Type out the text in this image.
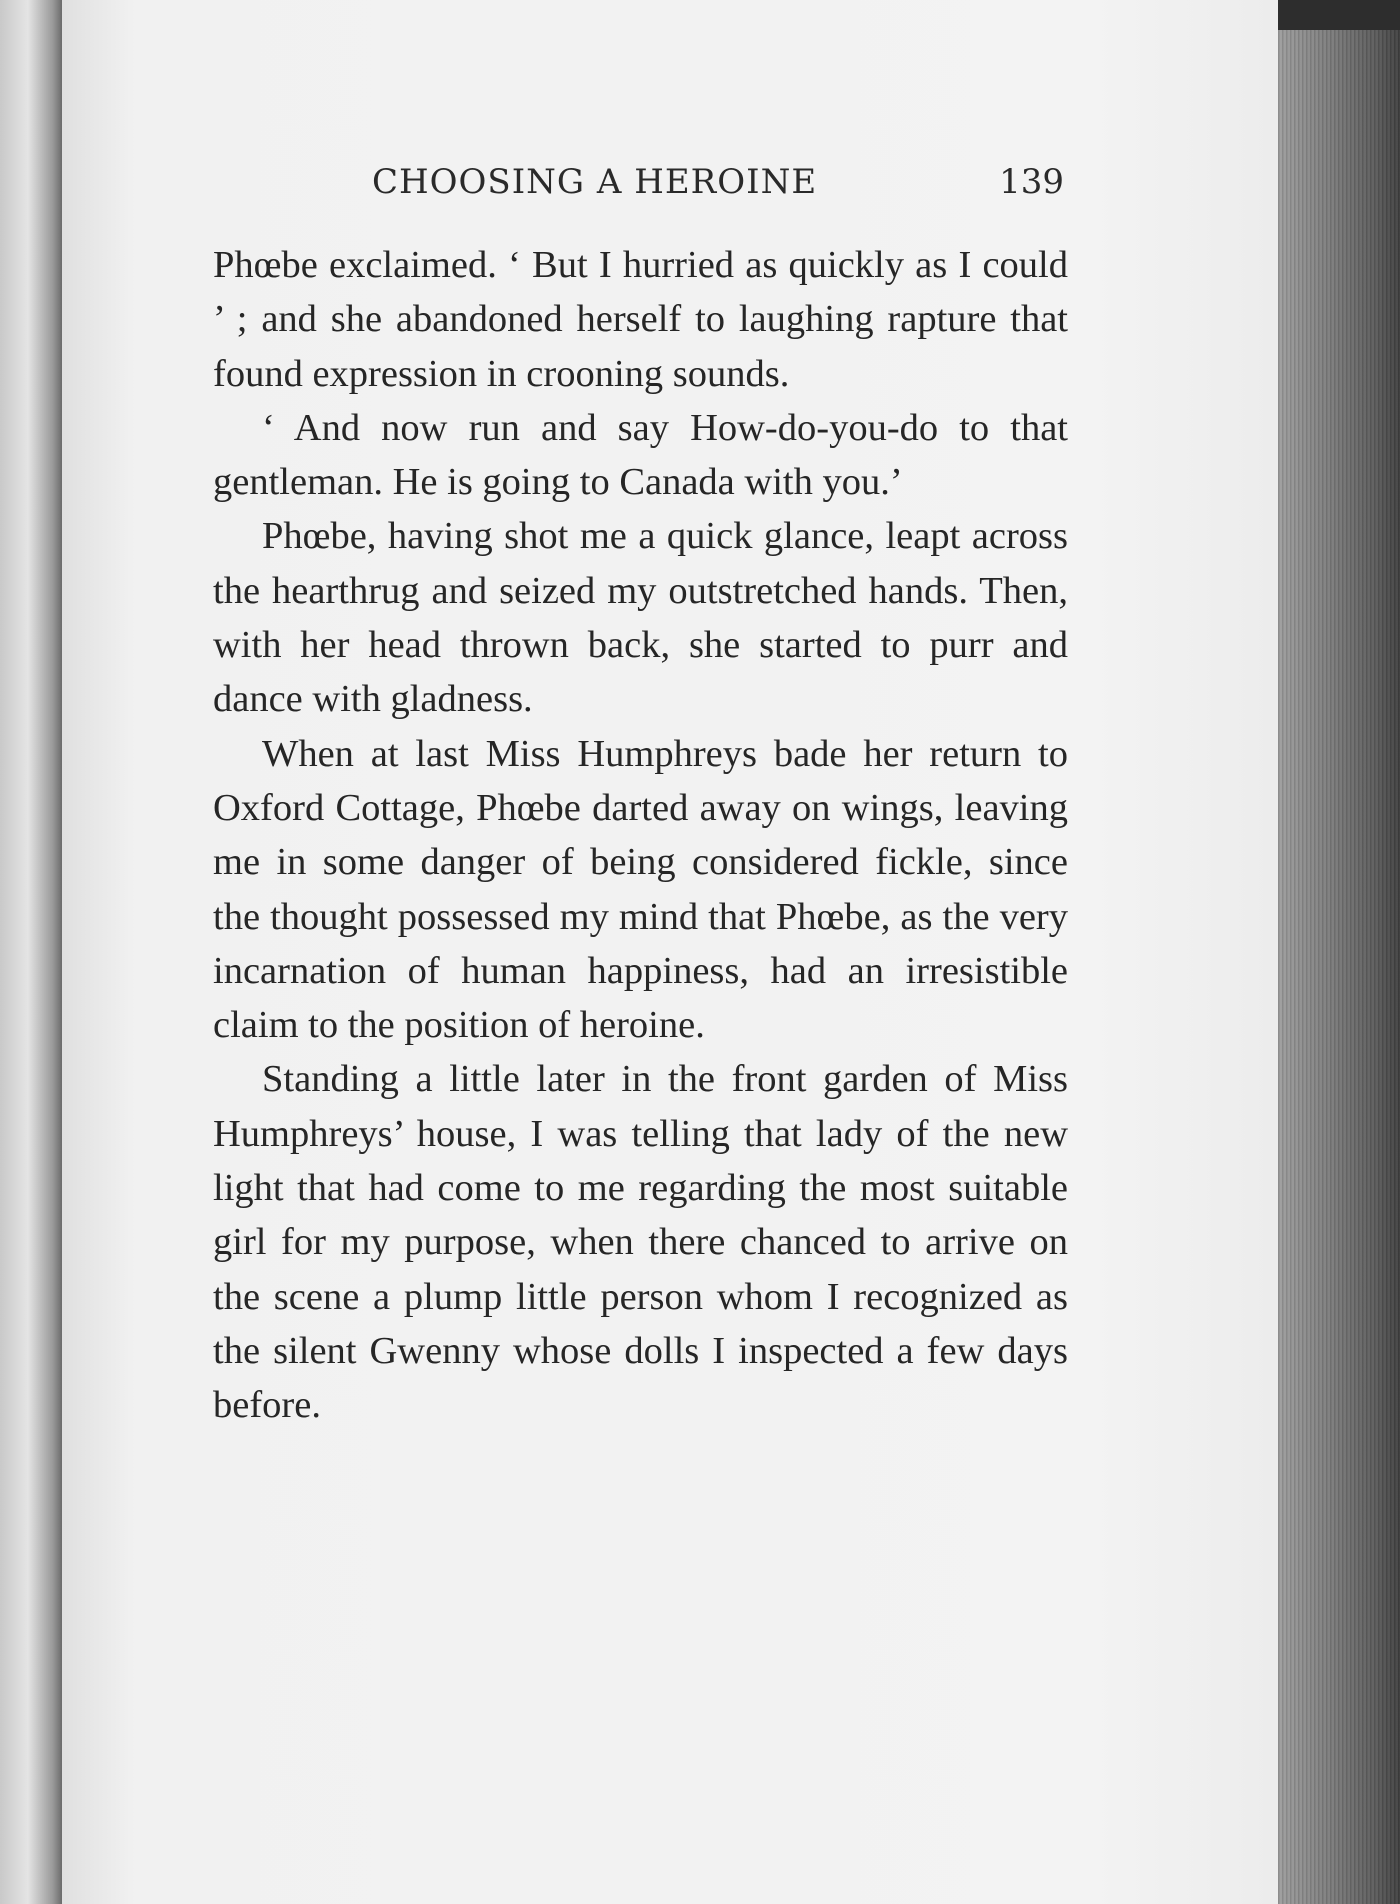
CHOOSING A HEROINE	139

Phœbe exclaimed. ‘ But I hurried as quickly as I could ’ ; and she abandoned herself to laughing rapture that found expression in crooning sounds.

‘ And now run and say How-do-you-do to that gentleman. He is going to Canada with you.’

Phœbe, having shot me a quick glance, leapt across the hearthrug and seized my outstretched hands. Then, with her head thrown back, she started to purr and dance with gladness.

When at last Miss Humphreys bade her return to Oxford Cottage, Phœbe darted away on wings, leaving me in some danger of being considered fickle, since the thought possessed my mind that Phœbe, as the very incarnation of human happiness, had an irresistible claim to the position of heroine.

Standing a little later in the front garden of Miss Humphreys’ house, I was telling that lady of the new light that had come to me regarding the most suitable girl for my purpose, when there chanced to arrive on the scene a plump little person whom I recognized as the silent Gwenny whose dolls I inspected a few days before.
